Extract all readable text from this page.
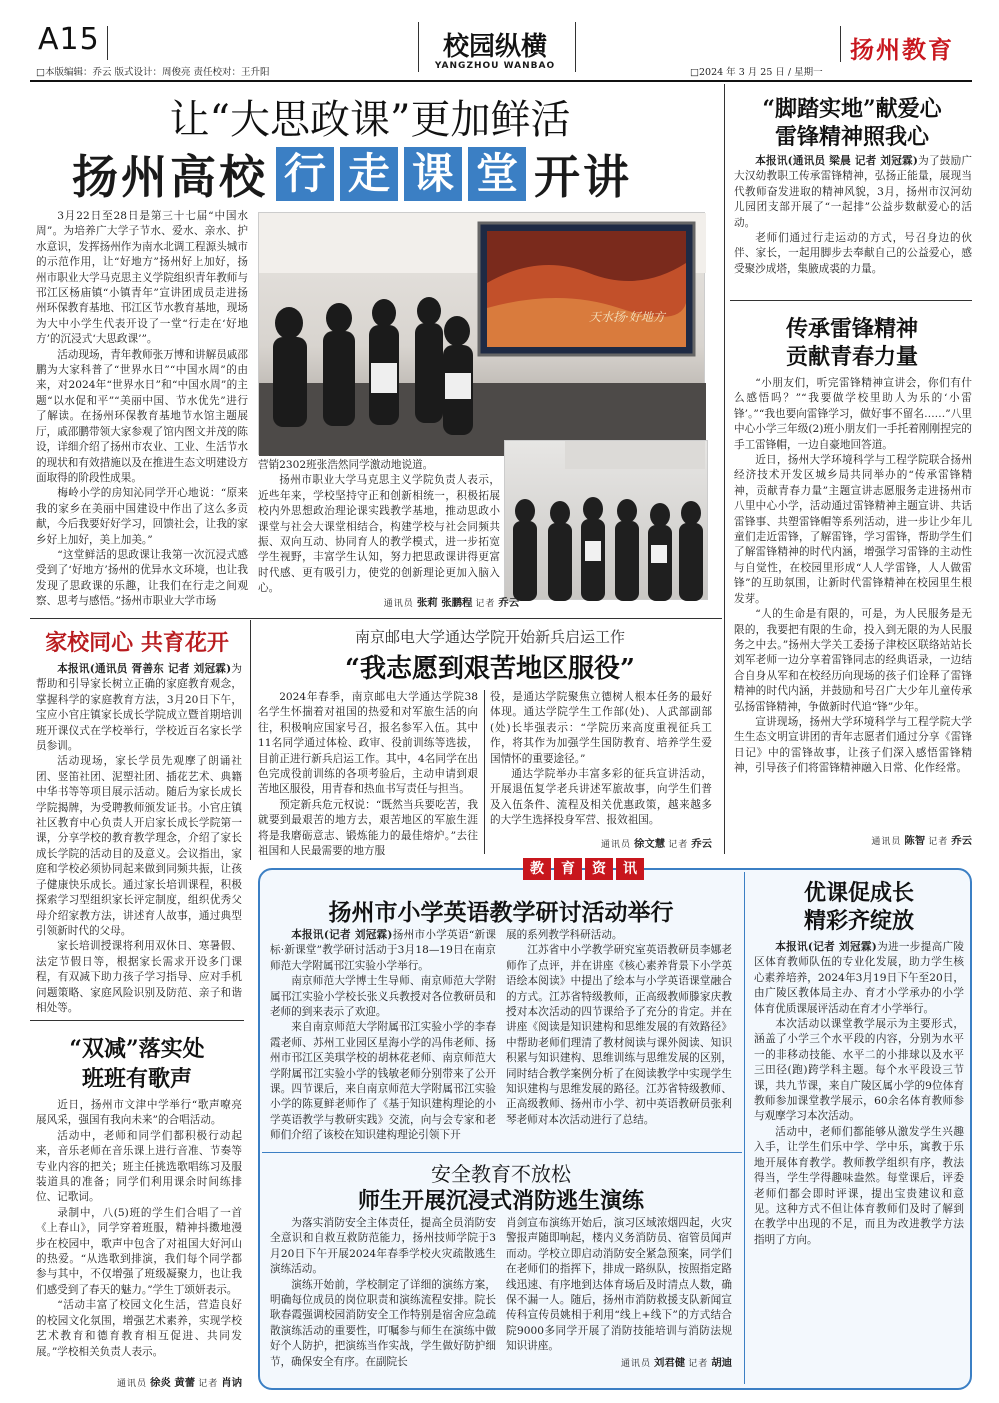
A15
□本版编辑：乔云 版式设计：周俊亮 责任校对：王升阳
校园纵横
YANGZHOU WANBAO
□2024 年 3 月 25 日 / 星期一
扬州教育
让“大思政课”更加鲜活
扬州高校 行 走 课 堂 开讲

3月22日至28日是第三十七届“中国水周”。为培养广大学子节水、爱水、亲水、护水意识，发挥扬州作为南水北调工程源头城市的示范作用，让“好地方”扬州好上加好，扬州市职业大学马克思主义学院组织青年教师与邗江区杨庙镇“小镇青年”宣讲团成员走进扬州环保教育基地、邗江区节水教育基地，现场为大中小学生代表开设了一堂“行走在‘好地方’的沉浸式‘大思政课’”。

活动现场，青年教师张万博和讲解员戚邵鹏为大家科普了“世界水日”“中国水周”的由来，对2024年“世界水日”和“中国水周”的主题“以水促和平”“美丽中国、节水优先”进行了解读。在扬州环保教育基地节水馆主题展厅，戚邵鹏带领大家参观了馆内图文并茂的陈设，详细介绍了扬州市农业、工业、生活节水的现状和有效措施以及在推进生态文明建设方面取得的阶段性成果。

梅岭小学的房知沁同学开心地说：“原来我的家乡在美丽中国建设中作出了这么多贡献，今后我要好好学习，回馈社会，让我的家乡好上加好，美上加美。”

“这堂鲜活的思政课让我第一次沉浸式感受到了‘好地方’扬州的优异水文环境，也让我发现了思政课的乐趣，让我们在行走之间观察、思考与感悟。”扬州市职业大学市场

天水扬·好地方

营销2302班张浩然同学激动地说道。

扬州市职业大学马克思主义学院负责人表示，近些年来，学校坚持守正和创新相统一，积极拓展校内外思想政治理论课实践教学基地，推动思政小课堂与社会大课堂相结合，构建学校与社会同频共振、双向互动、协同育人的教学模式，进一步拓宽学生视野，丰富学生认知，努力把思政课讲得更富时代感、更有吸引力，使党的创新理论更加入脑入心。

通讯员 张莉 张鹏程 记者 乔云
家校同心 共育花开

本报讯(通讯员 胥善东 记者 刘冠霖)为帮助和引导家长树立正确的家庭教育观念，掌握科学的家庭教育方法，3月20日下午，宝应小官庄镇家长成长学院成立暨首期培训班开课仪式在学校举行，学校近百名家长学员参训。

活动现场，家长学员先观摩了朗诵社团、竖笛社团、泥塑社团、插花艺术、典籍中华书等等项目展示活动。随后为家长成长学院揭牌，为受聘教师颁发证书。小官庄镇社区教育中心负责人开启家长成长学院第一课，分享学校的教育教学理念，介绍了家长成长学院的活动目的及意义。会议指出，家庭和学校必须协同起来做到同频共振，让孩子健康快乐成长。通过家长培训课程，积极探索学习型组织家长评定制度，组织优秀父母介绍家教方法，讲述育人故事，通过典型引领新时代的父母。

家长培训授课将利用双休日、寒暑假、法定节假日等，根据家长需求开设多门课程，有双减下助力孩子学习指导、应对手机问题策略、家庭风险识别及防范、亲子和谐相处等。

“双减”落实处
班班有歌声

近日，扬州市文津中学举行“歌声嘹亮展风采，强国有我向未来”的合唱活动。

活动中，老师和同学们都积极行动起来，音乐老师在音乐课上进行音准、节奏等专业内容的把关；班主任挑选歌唱练习及服装道具的准备；同学们利用课余时间练排位、记歌词。

录制中，八(5)班的学生们合唱了一首《上春山》，同学穿着班服，精神抖擞地漫步在校园中，歌声中包含了对祖国大好河山的热爱。“从选歌到排演，我们每个同学都参与其中，不仅增强了班级凝聚力，也让我们感受到了春天的魅力。”学生丁颂妍表示。

“活动丰富了校园文化生活，营造良好的校园文化氛围，增强艺术素养，实现学校艺术教育和德育教育相互促进、共同发展。”学校相关负责人表示。

通讯员 徐炎 黄蕾 记者 肖讷
南京邮电大学通达学院开始新兵启运工作
“我志愿到艰苦地区服役”

2024年春季，南京邮电大学通达学院38名学生怀揣着对祖国的热爱和对军旅生活的向往，积极响应国家号召，报名参军入伍。其中11名同学通过体检、政审、役前训练等选拔，目前正进行新兵启运工作。其中，4名同学在出色完成役前训练的各项考验后，主动申请到艰苦地区服役，用青春和热血书写责任与担当。

预定新兵危元权说：“既然当兵要吃苦，我就要到最艰苦的地方去，艰苦地区的军旅生涯将是我磨砺意志、锻炼能力的最佳熔炉。”去往祖国和人民最需要的地方服

役，是通达学院聚焦立德树人根本任务的最好体现。通达学院学生工作部(处)、人武部副部(处)长毕强表示：“学院历来高度重视征兵工作，将其作为加强学生国防教育、培养学生爱国情怀的重要途径。”

通达学院举办丰富多彩的征兵宣讲活动，开展退伍复学老兵讲述军旅故事，向学生们普及入伍条件、流程及相关优惠政策，越来越多的大学生选择投身军营、报效祖国。

通讯员 徐文慧 记者 乔云
“脚踏实地”献爱心
雷锋精神照我心

本报讯(通讯员 梁晨 记者 刘冠霖)为了鼓励广大汉幼教职工传承雷锋精神，弘扬正能量，展现当代教师奋发进取的精神风貌，3月，扬州市汉河幼儿园团支部开展了“一起排”公益步数献爱心的活动。

老师们通过行走运动的方式，号召身边的伙伴、家长，一起用脚步去奉献自己的公益爱心，感受聚沙成塔，集腋成裘的力量。

传承雷锋精神
贡献青春力量

“小朋友们，听完雷锋精神宣讲会，你们有什么感悟吗？”“我要做学校里助人为乐的‘小雷锋’。”“我也要向雷锋学习，做好事不留名……”八里中心小学三年级(2)班小朋友们一手托着刚刚捏完的手工雷锋帽，一边自豪地回答道。

近日，扬州大学环境科学与工程学院联合扬州经济技术开发区城乡局共同举办的“传承雷锋精神，贡献青春力量”主题宣讲志愿服务走进扬州市八里中心小学，活动通过雷锋精神主题宣讲、共话雷锋事、共塑雷锋帽等系列活动，进一步让少年儿童们走近雷锋，了解雷锋，学习雷锋，帮助学生们了解雷锋精神的时代内涵，增强学习雷锋的主动性与自觉性，在校园里形成“人人学雷锋，人人做雷锋”的互助氛围，让新时代雷锋精神在校园里生根发芽。

“人的生命是有限的，可是，为人民服务是无限的，我要把有限的生命，投入到无限的为人民服务之中去。”扬州大学关工委扬子津校区联络站站长刘军老师一边分享着雷锋同志的经典语录，一边结合自身从军和在校经历向现场的孩子们诠释了雷锋精神的时代内涵，并鼓励和号召广大少年儿童传承弘扬雷锋精神，争做新时代追“锋”少年。

宣讲现场，扬州大学环境科学与工程学院大学生生态文明宣讲团的青年志愿者们通过分享《雷锋日记》中的雷锋故事，让孩子们深入感悟雷锋精神，引导孩子们将雷锋精神融入日常、化作经常。

通讯员 陈智 记者 乔云
教	育	资	讯
扬州市小学英语教学研讨活动举行

本报讯(记者 刘冠霖)扬州市小学英语“新课标·新课堂”教学研讨活动于3月18—19日在南京师范大学附属邗江实验小学举行。

南京师范大学博士生导师、南京师范大学附属邗江实验小学校长张义兵教授对各位教研员和老师的到来表示了欢迎。

来自南京师范大学附属邗江实验小学的李春霞老师、苏州工业园区星海小学的冯伟老师、扬州市邗江区美琪学校的胡林花老师、南京师范大学附属邗江实验小学的钱敏老师分别带来了公开课。四节课后，来自南京师范大学附属邗江实验小学的陈夏鲜老师作了《基于知识建构理论的小学英语教学与教研实践》交流，向与会专家和老师们介绍了该校在知识建构理论引领下开

展的系列教学科研活动。

江苏省中小学教学研究室英语教研员李娜老师作了点评，并在讲座《核心素养背景下小学英语绘本阅读》中提出了绘本与小学英语课堂融合的方式。江苏省特级教师，正高级教师滕家庆教授对本次活动的四节课给予了充分的肯定。并在讲座《阅读是知识建构和思维发展的有效路径》中帮助老师们理清了教材阅读与课外阅读、知识积累与知识建构、思维训练与思维发展的区别，同时结合教学案例分析了在阅读教学中实现学生知识建构与思维发展的路径。江苏省特级教师、正高级教师、扬州市小学、初中英语教研员张利琴老师对本次活动进行了总结。

安全教育不放松
师生开展沉浸式消防逃生演练

为落实消防安全主体责任，提高全员消防安全意识和自救互救防范能力，扬州技师学院于3月20日下午开展2024年春季学校火灾疏散逃生演练活动。

演练开始前，学校制定了详细的演练方案，明确每位成员的岗位职责和演练流程安排。院长耿春霞强调校园消防安全工作特别是宿舍应急疏散演练活动的重要性，叮嘱参与师生在演练中做好个人防护，把演练当作实战，学生做好防护细节，确保安全有序。在副院长

肖剑宣布演练开始后，演习区域浓烟四起，火灾警报声随即响起，楼内义务消防员、宿管员闻声而动。学校立即启动消防安全紧急预案，同学们在老师们的指挥下，排成一路纵队，按照指定路线迅速、有序地到达体育场后及时清点人数，确保不漏一人。随后，扬州市消防救援支队新闻宣传科宣传员姚相于利用“线上+线下”的方式结合院9000多同学开展了消防技能培训与消防法规知识讲座。

通讯员 刘君健 记者 胡迪
优课促成长
精彩齐绽放

本报讯(记者 刘冠霖)为进一步提高广陵区体育教师队伍的专业化发展，助力学生核心素养培养，2024年3月19日下午至20日，由广陵区教体局主办、育才小学承办的小学体育优质课展评活动在育才小学举行。

本次活动以课堂教学展示为主要形式，涵盖了小学三个水平段的内容，分别为水平一的非移动技能、水平二的小排球以及水平三田径(跑)跨学科主题。每个水平段设三节课，共九节课，来自广陵区属小学的9位体育教师参加课堂教学展示，60余名体育教师参与观摩学习本次活动。

活动中，老师们都能够从激发学生兴趣入手，让学生们乐中学、学中乐，寓教于乐地开展体育教学。教师教学组织有序，教法得当，学生学得趣味盎然。每堂课后，评委老师们都会即时评课，提出宝贵建议和意见。这种方式不但让体育教师们及时了解到在教学中出现的不足，而且为改进教学方法指明了方向。
